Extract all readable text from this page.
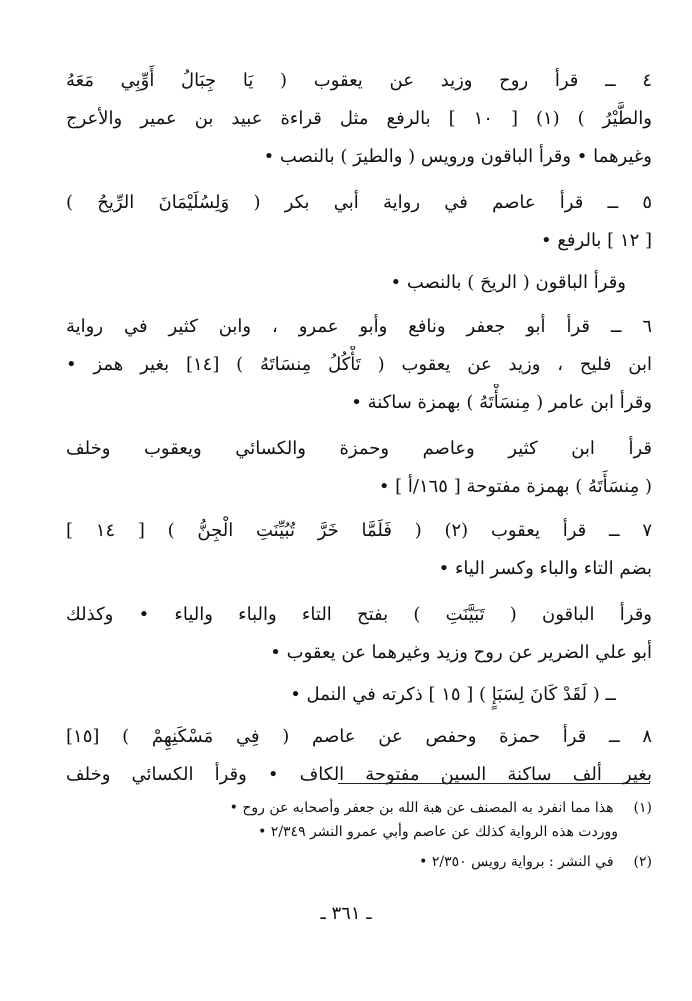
٤ ــ قرأ روح وزيد عن يعقوب ( يَا جِبَالُ أَوِّبِي مَعَهُ
والطَّيْرُ ) (١) [ ١٠ ] بالرفع مثل قراءة عبيد بن عمير والأعرج
وغيرهما • وقرأ الباقون ورويس ( والطيرَ ) بالنصب •
٥ ــ قرأ عاصم في رواية أبي بكر ( وَلِسُلَيْمَانَ الرِّيحُ )
[ ١٢ ] بالرفع •
وقرأ الباقون ( الريحَ ) بالنصب •
٦ ــ قرأ أبو جعفر ونافع وأبو عمرو ، وابن كثير في رواية
ابن فليح ، وزيد عن يعقوب ( تَأْكُلُ مِنسَاتَهُ ) [١٤] بغير همز •
وقرأ ابن عامر ( مِنسَأْتَهُ ) بهمزة ساكنة •
قرأ ابن كثير وعاصم وحمزة والكسائي ويعقوب وخلف
( مِنسَأَتَهُ ) بهمزة مفتوحة [ ١٦٥/أ ] •
٧ ــ قرأ يعقوب (٢) ( فَلَمَّا خَرَّ تُبُيِّنَتِ الْجِنُّ ) [ ١٤ ]
بضم التاء والباء وكسر الياء •
وقرأ الباقون ( تَبَيَّنَتِ ) بفتح التاء والباء والياء • وكذلك
أبو علي الضرير عن روح وزيد وغيرهما عن يعقوب •
ــ ( لَقَدْ كَانَ لِسَبَإٍ ) [ ١٥ ] ذكرته في النمل •
٨ ــ قرأ حمزة وحفص عن عاصم ( فِي مَسْكَنِهِمْ ) [١٥]
بغير ألف ساكنة السين مفتوحة الكاف • وقرأ الكسائي وخلف
(١) هذا مما انفرد به المصنف عن هبة الله بن جعفر وأصحابه عن روح •
ووردت هذه الرواية كذلك عن عاصم وأبي عمرو النشر ٢/٣٤٩ •
(٢) في النشر : برواية رويس ٢/٣٥٠ •
ـ ٣٦١ ـ
